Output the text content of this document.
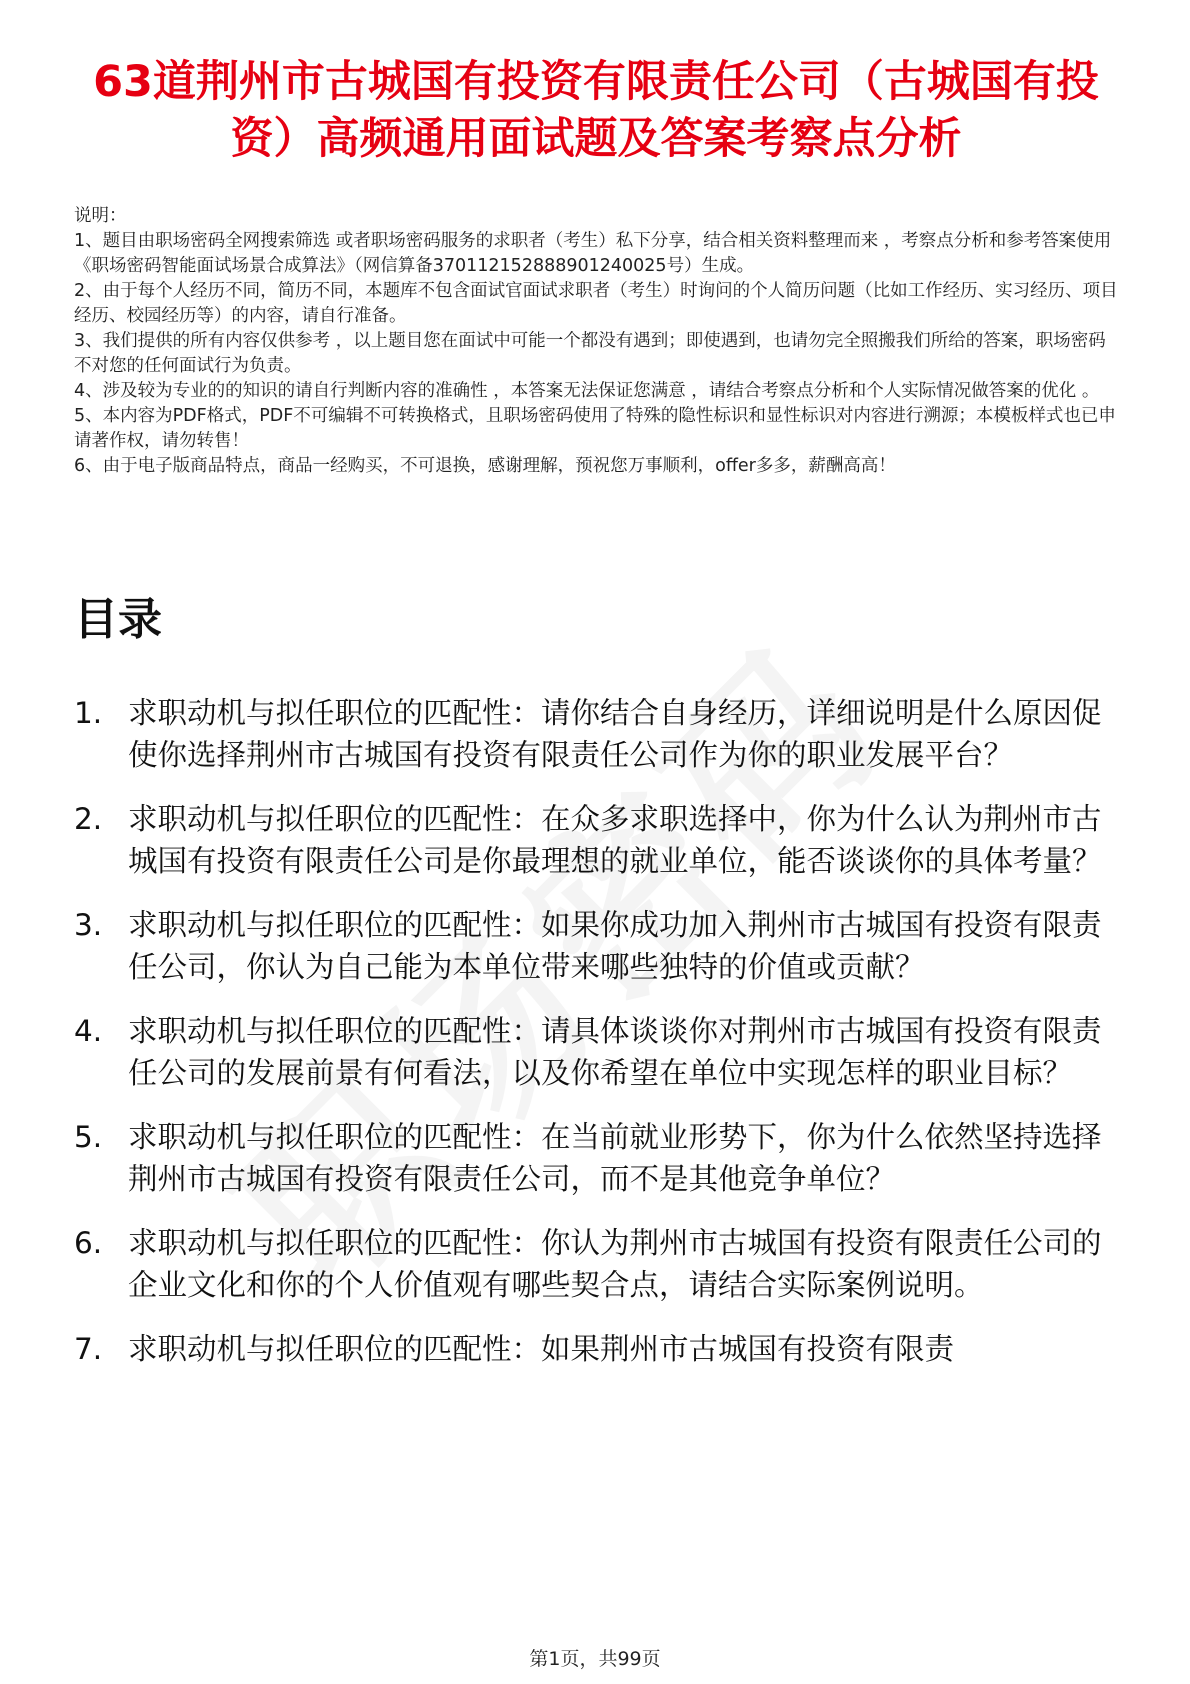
63道荆州市古城国有投资有限责任公司（古城国有投资）高频通用面试题及答案考察点分析
说明：
1、题目由职场密码全网搜索筛选 或者职场密码服务的求职者（考生）私下分享，结合相关资料整理而来 ，考察点分析和参考答案使用《职场密码智能面试场景合成算法》（网信算备370112152888901240025号）生成。
2、由于每个人经历不同，简历不同，本题库不包含面试官面试求职者（考生）时询问的个人简历问题（比如工作经历、实习经历、项目经历、校园经历等）的内容，请自行准备。
3、我们提供的所有内容仅供参考 ，以上题目您在面试中可能一个都没有遇到；即使遇到，也请勿完全照搬我们所给的答案，职场密码不对您的任何面试行为负责。
4、涉及较为专业的的知识的请自行判断内容的准确性 ，本答案无法保证您满意 ，请结合考察点分析和个人实际情况做答案的优化 。
5、本内容为PDF格式，PDF不可编辑不可转换格式，且职场密码使用了特殊的隐性标识和显性标识对内容进行溯源；本模板样式也已申请著作权，请勿转售！
6、由于电子版商品特点，商品一经购买，不可退换，感谢理解，预祝您万事顺利，offer多多，薪酬高高！
目录
1. 求职动机与拟任职位的匹配性：请你结合自身经历，详细说明是什么原因促使你选择荆州市古城国有投资有限责任公司作为你的职业发展平台？
2. 求职动机与拟任职位的匹配性：在众多求职选择中，你为什么认为荆州市古城国有投资有限责任公司是你最理想的就业单位，能否谈谈你的具体考量？
3. 求职动机与拟任职位的匹配性：如果你成功加入荆州市古城国有投资有限责任公司，你认为自己能为本单位带来哪些独特的价值或贡献？
4. 求职动机与拟任职位的匹配性：请具体谈谈你对荆州市古城国有投资有限责任公司的发展前景有何看法，以及你希望在单位中实现怎样的职业目标？
5. 求职动机与拟任职位的匹配性：在当前就业形势下，你为什么依然坚持选择荆州市古城国有投资有限责任公司，而不是其他竞争单位？
6. 求职动机与拟任职位的匹配性：你认为荆州市古城国有投资有限责任公司的企业文化和你的个人价值观有哪些契合点，请结合实际案例说明。
7. 求职动机与拟任职位的匹配性：如果荆州市古城国有投资有限责
第1页，共99页
